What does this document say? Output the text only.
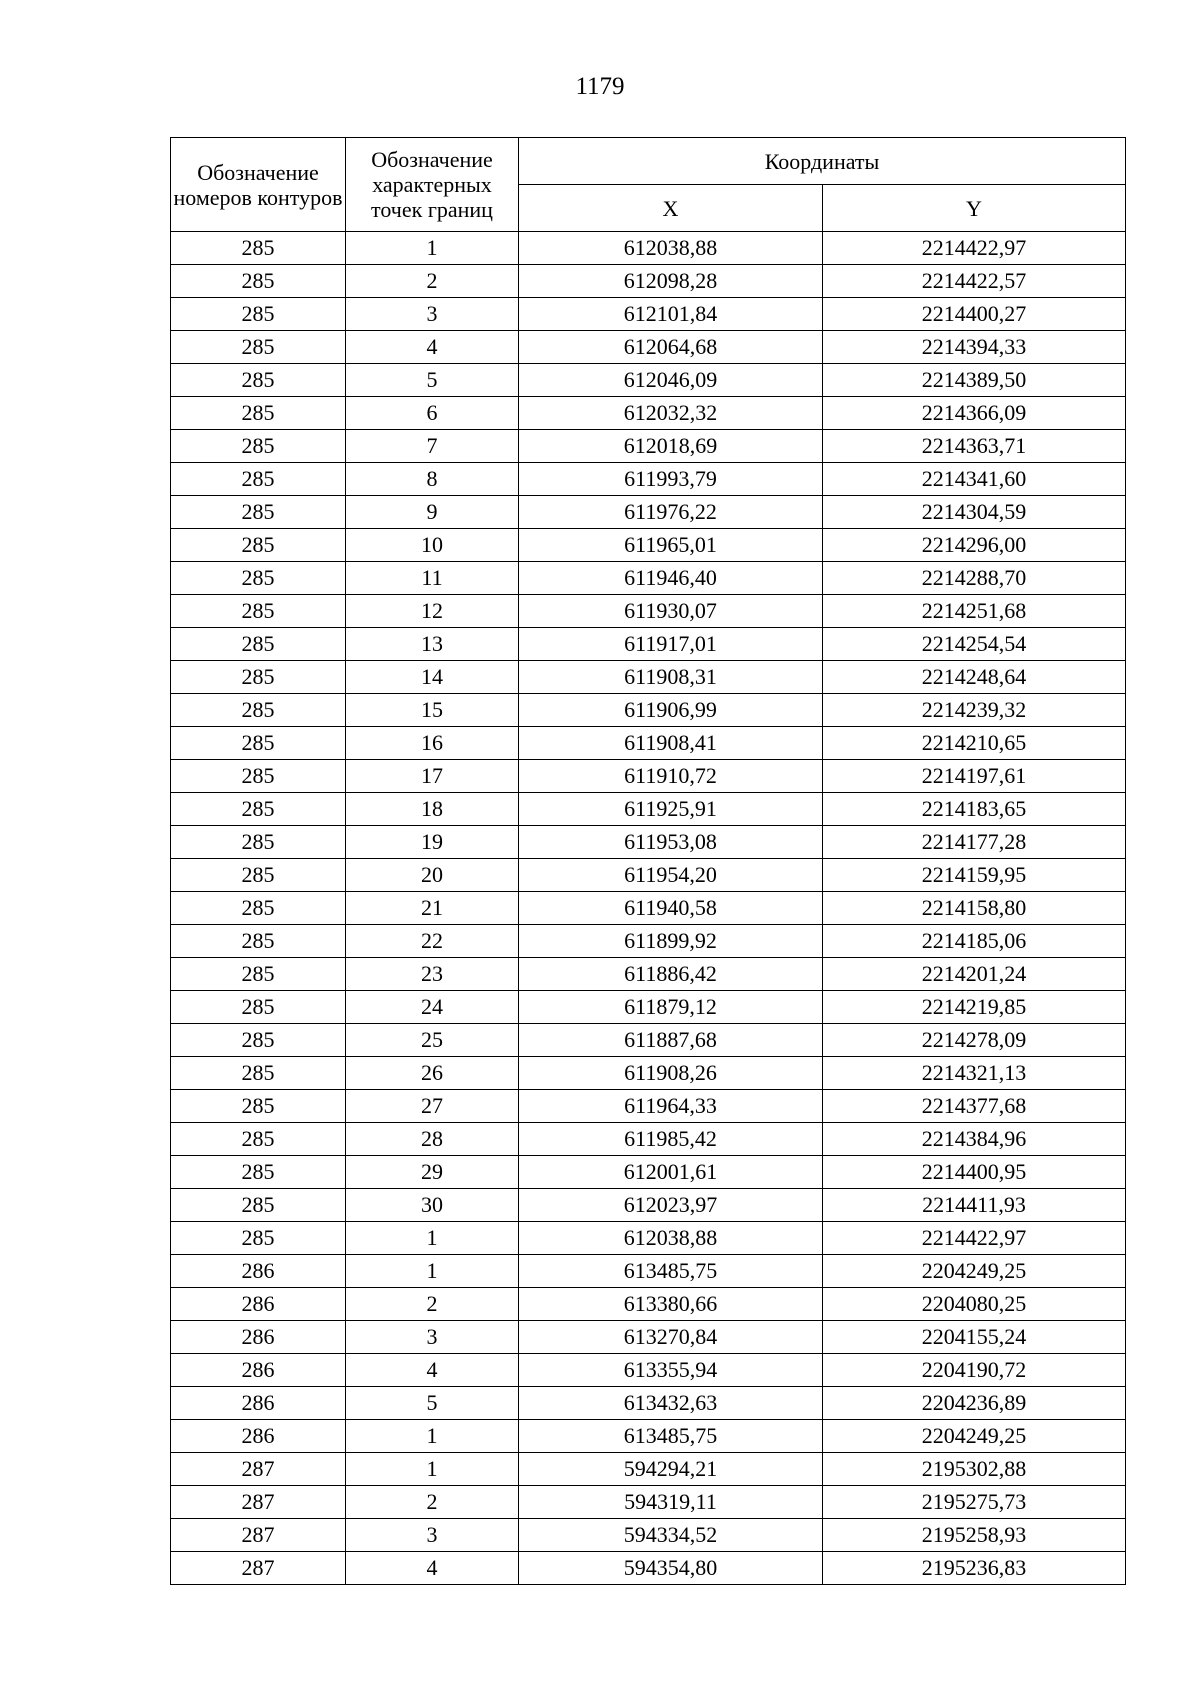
1179
Обозначение номеров контуров	Обозначение характерных точек границ	Координаты	
		X	Y
285	1	612038,88	2214422,97
285	2	612098,28	2214422,57
285	3	612101,84	2214400,27
285	4	612064,68	2214394,33
285	5	612046,09	2214389,50
285	6	612032,32	2214366,09
285	7	612018,69	2214363,71
285	8	611993,79	2214341,60
285	9	611976,22	2214304,59
285	10	611965,01	2214296,00
285	11	611946,40	2214288,70
285	12	611930,07	2214251,68
285	13	611917,01	2214254,54
285	14	611908,31	2214248,64
285	15	611906,99	2214239,32
285	16	611908,41	2214210,65
285	17	611910,72	2214197,61
285	18	611925,91	2214183,65
285	19	611953,08	2214177,28
285	20	611954,20	2214159,95
285	21	611940,58	2214158,80
285	22	611899,92	2214185,06
285	23	611886,42	2214201,24
285	24	611879,12	2214219,85
285	25	611887,68	2214278,09
285	26	611908,26	2214321,13
285	27	611964,33	2214377,68
285	28	611985,42	2214384,96
285	29	612001,61	2214400,95
285	30	612023,97	2214411,93
285	1	612038,88	2214422,97
286	1	613485,75	2204249,25
286	2	613380,66	2204080,25
286	3	613270,84	2204155,24
286	4	613355,94	2204190,72
286	5	613432,63	2204236,89
286	1	613485,75	2204249,25
287	1	594294,21	2195302,88
287	2	594319,11	2195275,73
287	3	594334,52	2195258,93
287	4	594354,80	2195236,83
